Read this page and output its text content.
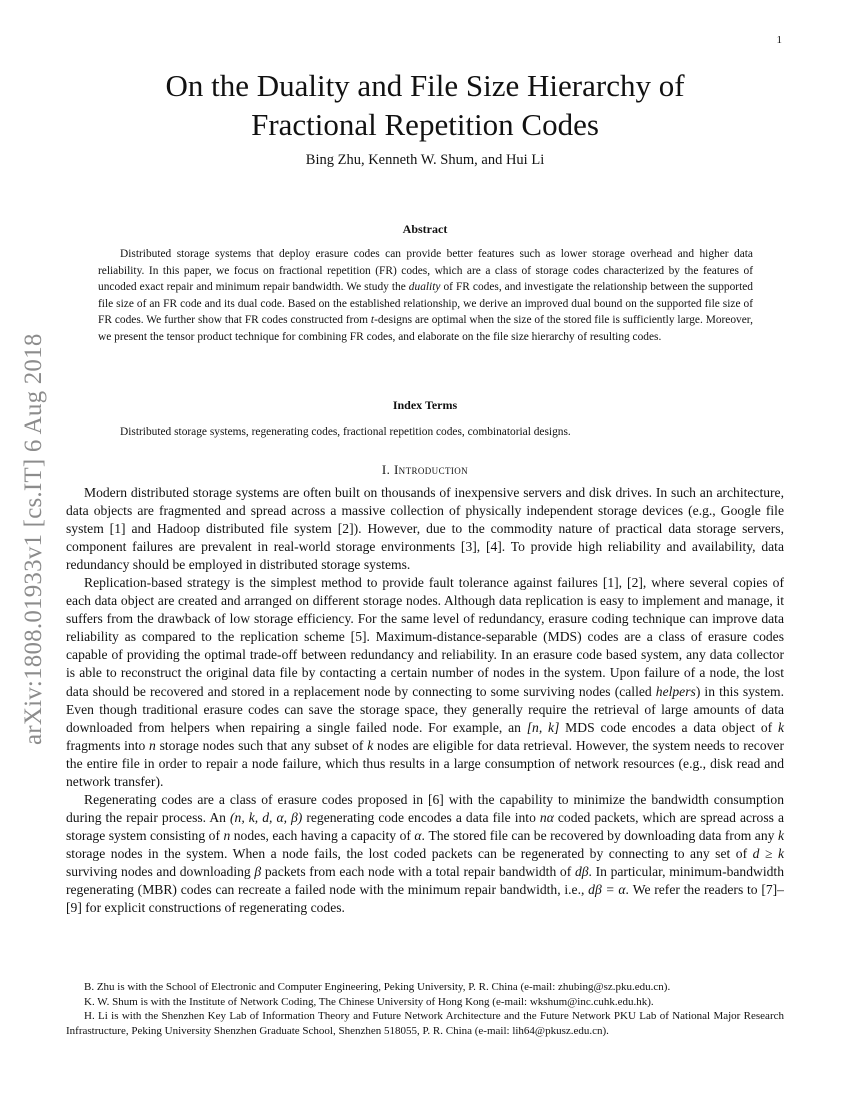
1
arXiv:1808.01933v1 [cs.IT] 6 Aug 2018
On the Duality and File Size Hierarchy of
Fractional Repetition Codes
Bing Zhu, Kenneth W. Shum, and Hui Li
Abstract
Distributed storage systems that deploy erasure codes can provide better features such as lower storage overhead and higher data reliability. In this paper, we focus on fractional repetition (FR) codes, which are a class of storage codes characterized by the features of uncoded exact repair and minimum repair bandwidth. We study the duality of FR codes, and investigate the relationship between the supported file size of an FR code and its dual code. Based on the established relationship, we derive an improved dual bound on the supported file size of FR codes. We further show that FR codes constructed from t-designs are optimal when the size of the stored file is sufficiently large. Moreover, we present the tensor product technique for combining FR codes, and elaborate on the file size hierarchy of resulting codes.
Index Terms
Distributed storage systems, regenerating codes, fractional repetition codes, combinatorial designs.
I. Introduction

Modern distributed storage systems are often built on thousands of inexpensive servers and disk drives. In such an architecture, data objects are fragmented and spread across a massive collection of physically independent storage devices (e.g., Google file system [1] and Hadoop distributed file system [2]). However, due to the commodity nature of practical data storage servers, component failures are prevalent in real-world storage environments [3], [4]. To provide high reliability and availability, data redundancy should be employed in distributed storage systems.

Replication-based strategy is the simplest method to provide fault tolerance against failures [1], [2], where several copies of each data object are created and arranged on different storage nodes. Although data replication is easy to implement and manage, it suffers from the drawback of low storage efficiency. For the same level of redundancy, erasure coding technique can improve data reliability as compared to the replication scheme [5]. Maximum-distance-separable (MDS) codes are a class of erasure codes capable of providing the optimal trade-off between redundancy and reliability. In an erasure code based system, any data collector is able to reconstruct the original data file by contacting a certain number of nodes in the system. Upon failure of a node, the lost data should be recovered and stored in a replacement node by connecting to some surviving nodes (called helpers) in this system. Even though traditional erasure codes can save the storage space, they generally require the retrieval of large amounts of data downloaded from helpers when repairing a single failed node. For example, an [n, k] MDS code encodes a data object of k fragments into n storage nodes such that any subset of k nodes are eligible for data retrieval. However, the system needs to recover the entire file in order to repair a node failure, which thus results in a large consumption of network resources (e.g., disk read and network transfer).

Regenerating codes are a class of erasure codes proposed in [6] with the capability to minimize the bandwidth consumption during the repair process. An (n, k, d, α, β) regenerating code encodes a data file into nα coded packets, which are spread across a storage system consisting of n nodes, each having a capacity of α. The stored file can be recovered by downloading data from any k storage nodes in the system. When a node fails, the lost coded packets can be regenerated by connecting to any set of d ≥ k surviving nodes and downloading β packets from each node with a total repair bandwidth of dβ. In particular, minimum-bandwidth regenerating (MBR) codes can recreate a failed node with the minimum repair bandwidth, i.e., dβ = α. We refer the readers to [7]–[9] for explicit constructions of regenerating codes.

B. Zhu is with the School of Electronic and Computer Engineering, Peking University, P. R. China (e-mail: zhubing@sz.pku.edu.cn).

K. W. Shum is with the Institute of Network Coding, The Chinese University of Hong Kong (e-mail: wkshum@inc.cuhk.edu.hk).

H. Li is with the Shenzhen Key Lab of Information Theory and Future Network Architecture and the Future Network PKU Lab of National Major Research Infrastructure, Peking University Shenzhen Graduate School, Shenzhen 518055, P. R. China (e-mail: lih64@pkusz.edu.cn).
